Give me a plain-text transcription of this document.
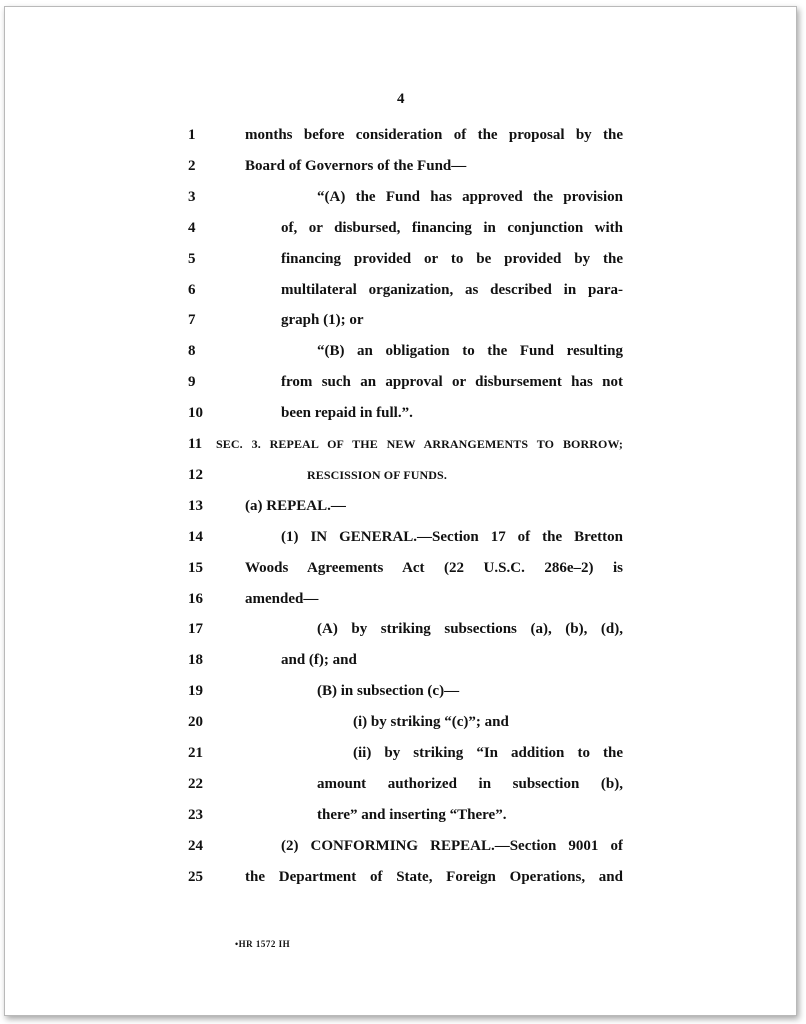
4
1	months before consideration of the proposal by the
2	Board of Governors of the Fund—
3	“(A) the Fund has approved the provision
4	of, or disbursed, financing in conjunction with
5	financing provided or to be provided by the
6	multilateral organization, as described in para-
7	graph (1); or
8	“(B) an obligation to the Fund resulting
9	from such an approval or disbursement has not
10	been repaid in full.”.
11	SEC. 3. REPEAL OF THE NEW ARRANGEMENTS TO BORROW;
12	RESCISSION OF FUNDS.
13	(a) REPEAL.—
14	(1) IN GENERAL.—Section 17 of the Bretton
15	Woods Agreements Act (22 U.S.C. 286e–2) is
16	amended—
17	(A) by striking subsections (a), (b), (d),
18	and (f); and
19	(B) in subsection (c)—
20	(i) by striking “(c)”; and
21	(ii) by striking “In addition to the
22	amount authorized in subsection (b),
23	there” and inserting “There”.
24	(2) CONFORMING REPEAL.—Section 9001 of
25	the Department of State, Foreign Operations, and
•HR 1572 IH
